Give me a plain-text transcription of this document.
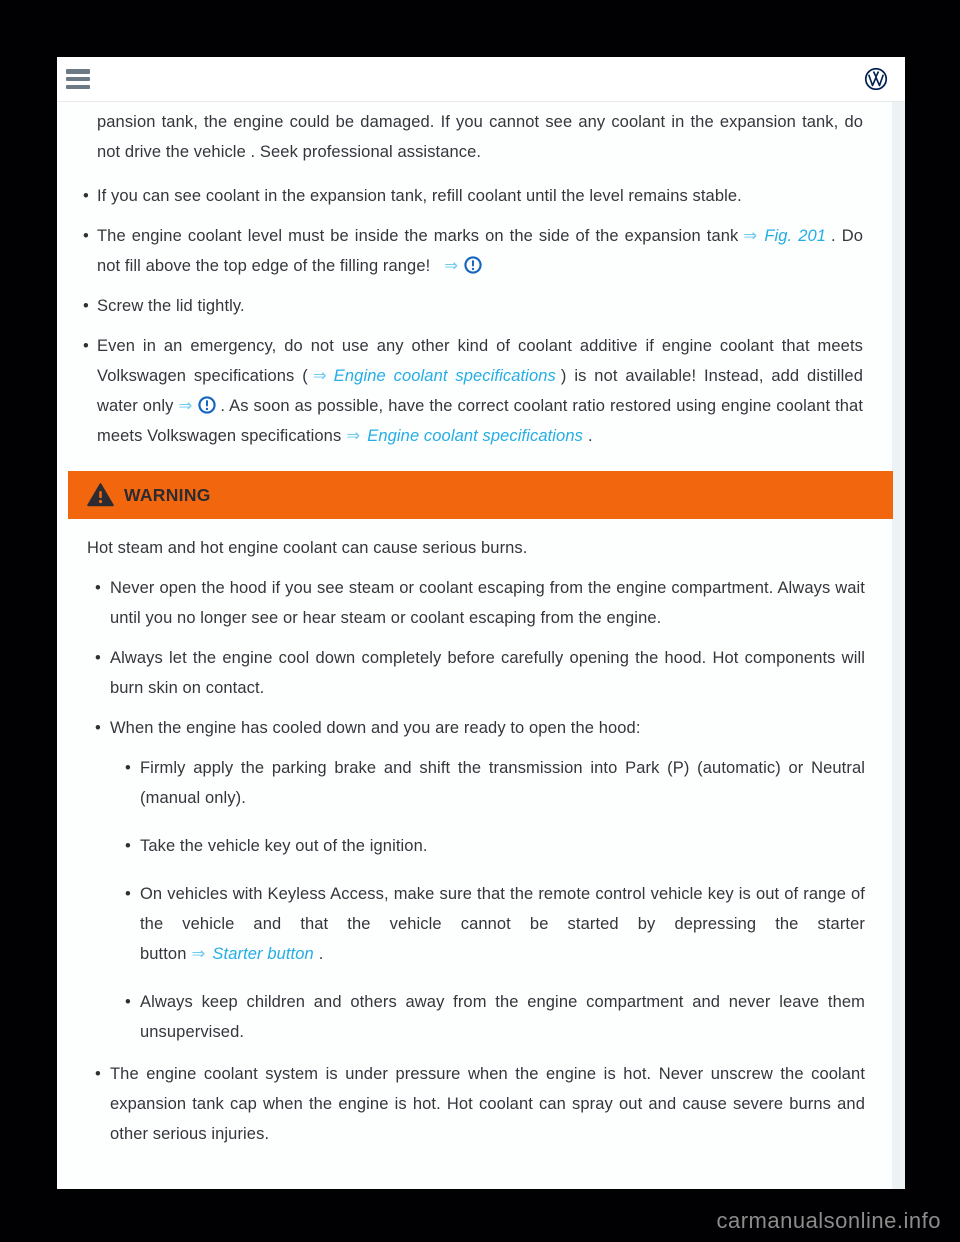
pansion tank, the engine could be damaged. If you cannot see any coolant in the expansion tank, do not drive the vehicle . Seek professional assistance.

• If you can see coolant in the expansion tank, refill coolant until the level remains stable.
• The engine coolant level must be inside the marks on the side of the expansion tank ⇒ Fig. 201 . Do not fill above the top edge of the filling range! ⇒
• Screw the lid tightly.
• Even in an emergency, do not use any other kind of coolant additive if engine coolant that meets Volkswagen specifications ( ⇒ Engine coolant specifications ) is not available! Instead, add distilled water only ⇒ . As soon as possible, have the correct coolant ratio restored using engine coolant that meets Volkswagen specifications ⇒ Engine coolant specifications .
WARNING

Hot steam and hot engine coolant can cause serious burns.

• Never open the hood if you see steam or coolant escaping from the engine compartment. Always wait until you no longer see or hear steam or coolant escaping from the engine.
• Always let the engine cool down completely before carefully opening the hood. Hot components will burn skin on contact.
• When the engine has cooled down and you are ready to open the hood:
• Firmly apply the parking brake and shift the transmission into Park (P) (automatic) or Neutral (manual only).
• Take the vehicle key out of the ignition.
• On vehicles with Keyless Access, make sure that the remote control vehicle key is out of range of the vehicle and that the vehicle cannot be started by depressing the starter button ⇒ Starter button .
• Always keep children and others away from the engine compartment and never leave them unsupervised.
• The engine coolant system is under pressure when the engine is hot. Never unscrew the coolant expansion tank cap when the engine is hot. Hot coolant can spray out and cause severe burns and other serious injuries.
carmanualsonline.info
